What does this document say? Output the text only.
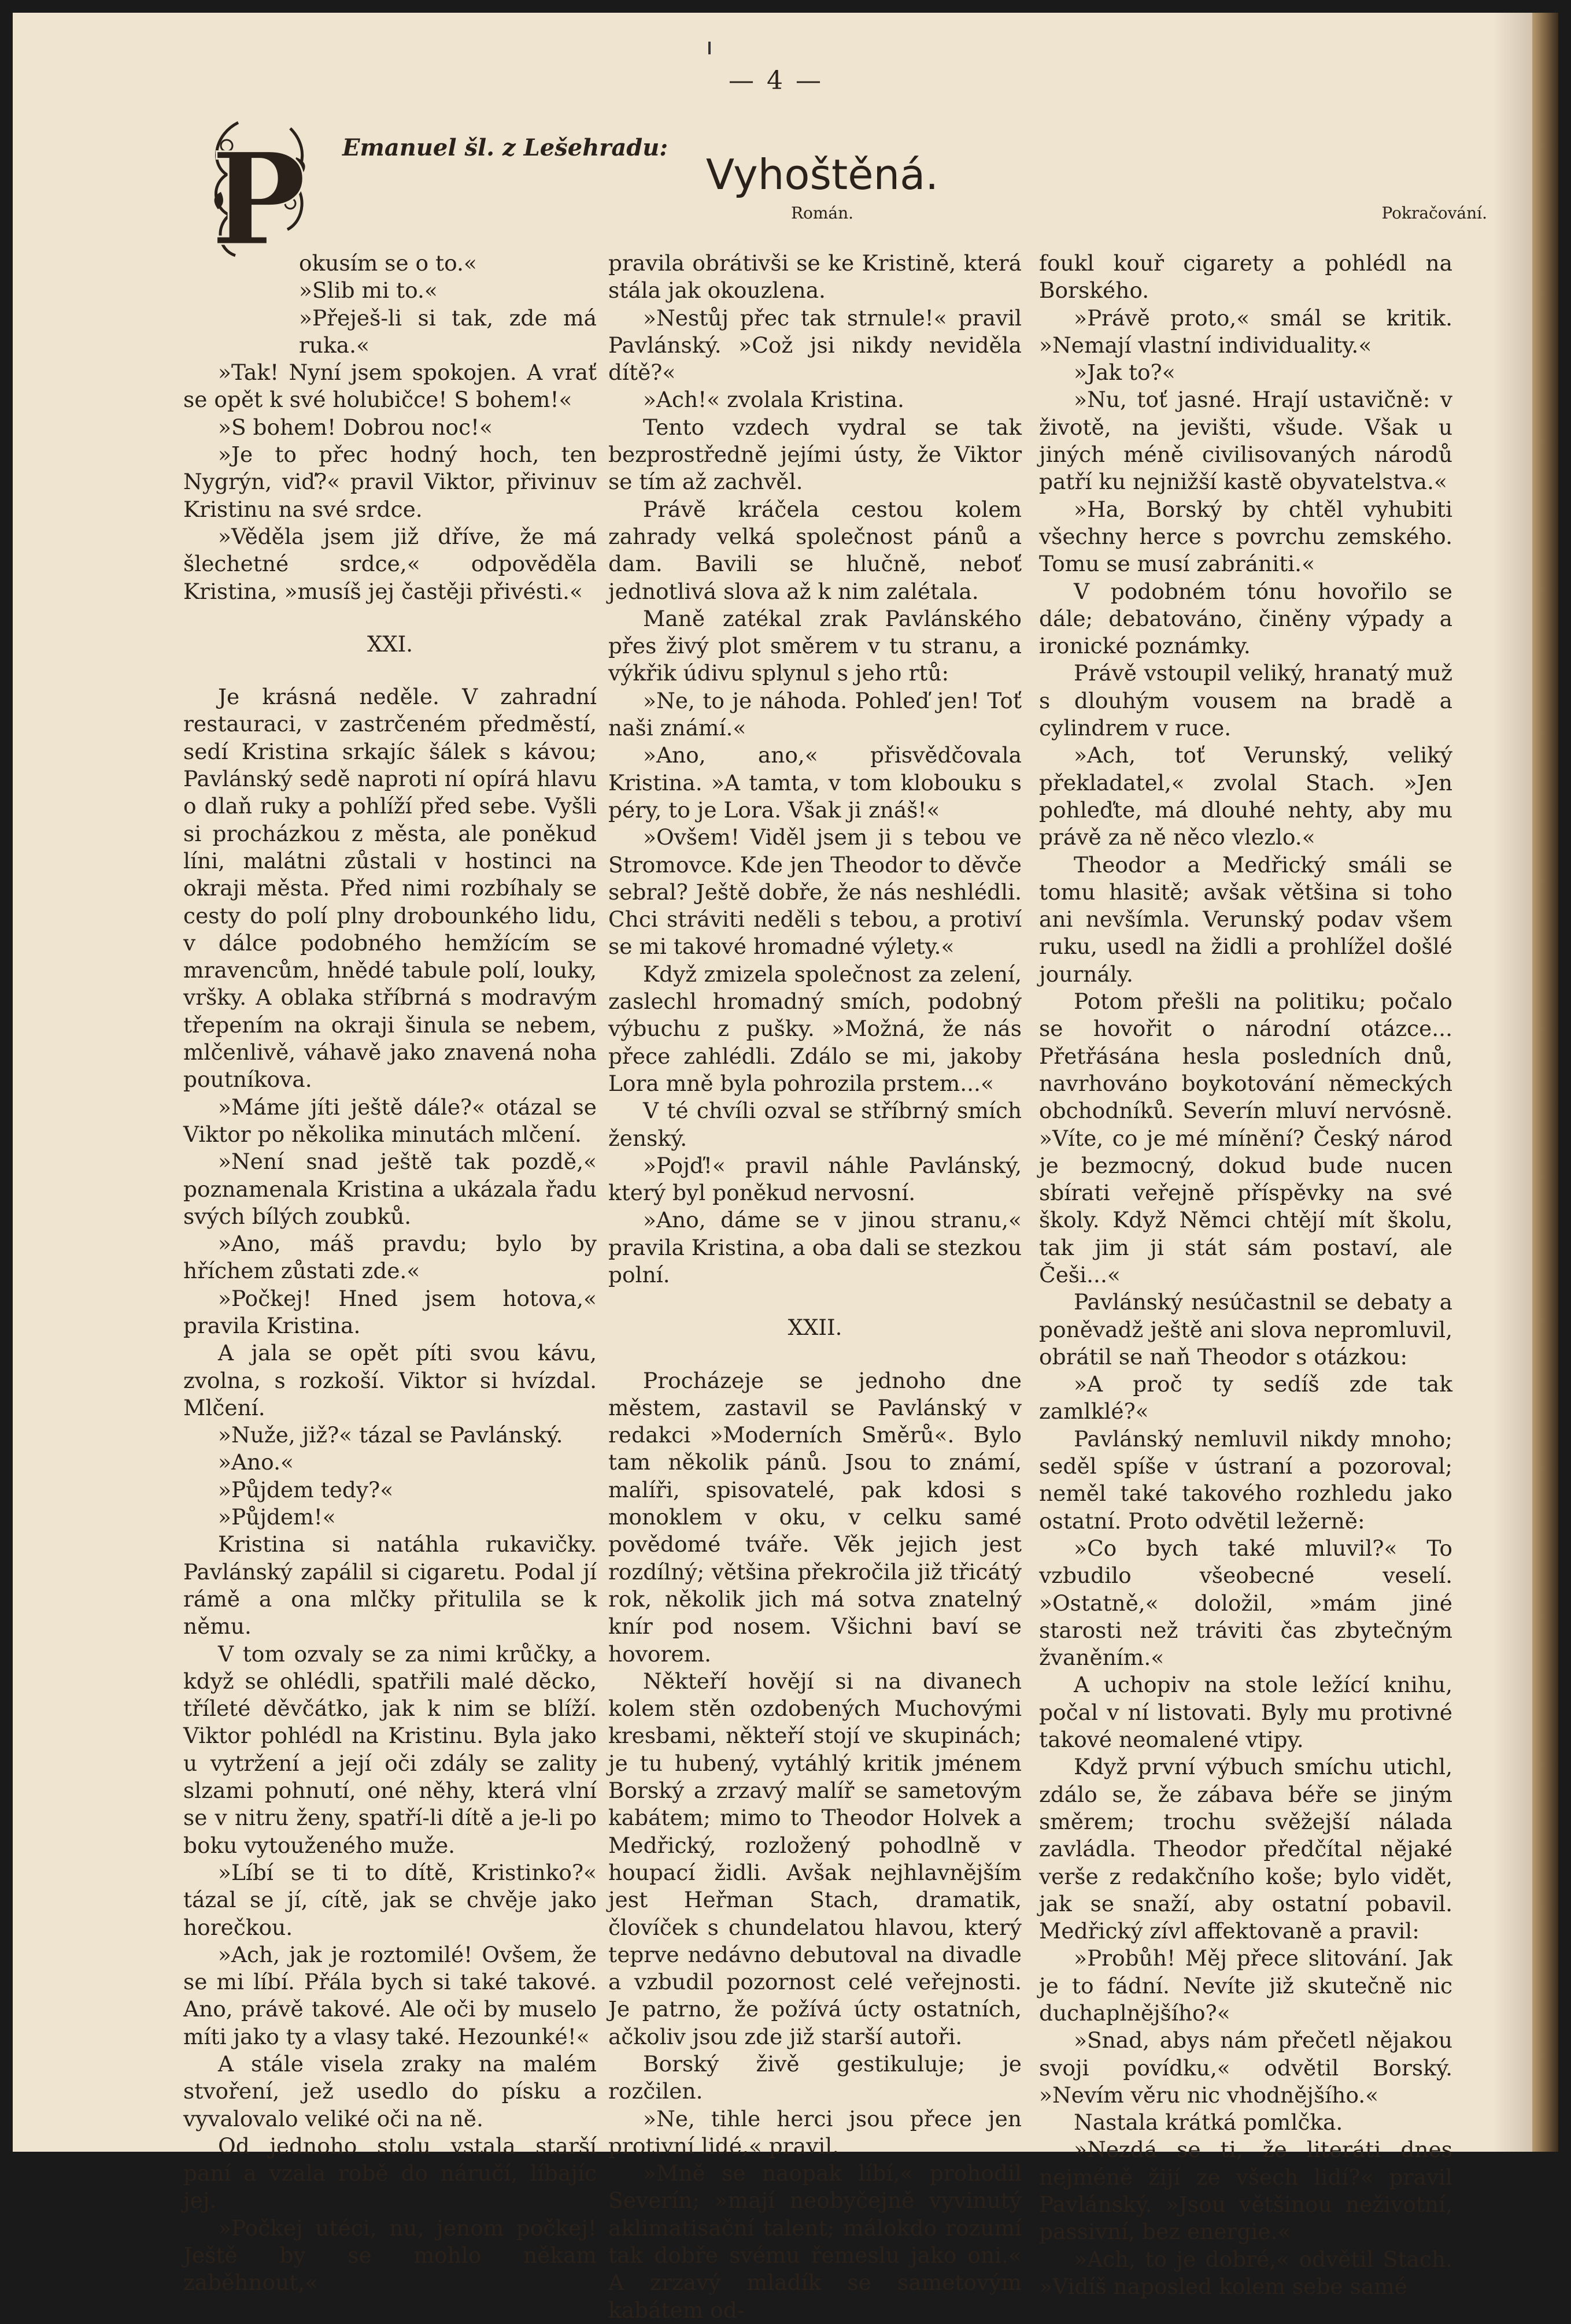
— 4 —
Emanuel šl. z Lešehradu:
Vyhoštěná.
Román.	Pokračování.
P

okusím se o to.«

»Slib mi to.«

»Přeješ-li si tak, zde má ruka.«

»Tak! Nyní jsem spokojen. A vrať se opět k své holubičce! S bohem!«

»S bohem! Dobrou noc!«

»Je to přec hodný hoch, ten Nygrýn, viď?« pravil Viktor, přivinuv Kristinu na své srdce.

»Věděla jsem již dříve, že má šlechetné srdce,« odpověděla Kristina, »musíš jej častěji přivésti.«

XXI.

Je krásná neděle. V zahradní restauraci, v zastrčeném předměstí, sedí Kristina srkajíc šálek s kávou; Pavlánský sedě naproti ní opírá hlavu o dlaň ruky a pohlíží před sebe. Vyšli si procházkou z města, ale poněkud líni, malátni zůstali v hostinci na okraji města. Před nimi rozbíhaly se cesty do polí plny drobounkého lidu, v dálce podobného hemžícím se mravencům, hnědé tabule polí, louky, vršky. A oblaka stříbrná s modravým třepením na okraji šinula se nebem, mlčenlivě, váhavě jako znavená noha poutníkova.

»Máme jíti ještě dále?« otázal se Viktor po několika minutách mlčení.

»Není snad ještě tak pozdě,« poznamenala Kristina a ukázala řadu svých bílých zoubků.

»Ano, máš pravdu; bylo by hříchem zůstati zde.«

»Počkej! Hned jsem hotova,« pravila Kristina.

A jala se opět píti svou kávu, zvolna, s rozkoší. Viktor si hvízdal. Mlčení.

»Nuže, již?« tázal se Pavlánský.

»Ano.«

»Půjdem tedy?«

»Půjdem!«

Kristina si natáhla rukavičky. Pavlánský zapálil si cigaretu. Podal jí rámě a ona mlčky přitulila se k němu.

V tom ozvaly se za nimi krůčky, a když se ohlédli, spatřili malé děcko, tříleté děvčátko, jak k nim se blíží. Viktor pohlédl na Kristinu. Byla jako u vytržení a její oči zdály se zality slzami pohnutí, oné něhy, která vlní se v nitru ženy, spatří-li dítě a je-li po boku vytouženého muže.

»Líbí se ti to dítě, Kristinko?« tázal se jí, cítě, jak se chvěje jako horečkou.

»Ach, jak je roztomilé! Ovšem, že se mi líbí. Přála bych si také takové. Ano, právě takové. Ale oči by muselo míti jako ty a vlasy také. Hezounké!«

A stále visela zraky na malém stvoření, jež usedlo do písku a vyvalovalo veliké oči na ně.

Od jednoho stolu vstala starší paní a vzala robě do náručí, líbajíc jej.

»Počkej utéci, nu, jenom počkej! Ještě by se mohlo někam zaběhnout,«

pravila obrátivši se ke Kristině, která stála jak okouzlena.

»Nestůj přec tak strnule!« pravil Pavlánský. »Což jsi nikdy neviděla dítě?«

»Ach!« zvolala Kristina.

Tento vzdech vydral se tak bezprostředně jejími ústy, že Viktor se tím až zachvěl.

Právě kráčela cestou kolem zahrady velká společnost pánů a dam. Bavili se hlučně, neboť jednotlivá slova až k nim zalétala.

Maně zatékal zrak Pavlánského přes živý plot směrem v tu stranu, a výkřik údivu splynul s jeho rtů:

»Ne, to je náhoda. Pohleď jen! Toť naši známí.«

»Ano, ano,« přisvědčovala Kristina. »A tamta, v tom klobouku s péry, to je Lora. Však ji znáš!«

»Ovšem! Viděl jsem ji s tebou ve Stromovce. Kde jen Theodor to děvče sebral? Ještě dobře, že nás neshlédli. Chci stráviti neděli s tebou, a protiví se mi takové hromadné výlety.«

Když zmizela společnost za zelení, zaslechl hromadný smích, podobný výbuchu z pušky. »Možná, že nás přece zahlédli. Zdálo se mi, jakoby Lora mně byla pohrozila prstem...«

V té chvíli ozval se stříbrný smích ženský.

»Pojď!« pravil náhle Pavlánský, který byl poněkud nervosní.

»Ano, dáme se v jinou stranu,« pravila Kristina, a oba dali se stezkou polní.

XXII.

Procházeje se jednoho dne městem, zastavil se Pavlánský v redakci »Moderních Směrů«. Bylo tam několik pánů. Jsou to známí, malíři, spisovatelé, pak kdosi s monoklem v oku, v celku samé povědomé tváře. Věk jejich jest rozdílný; většina překročila již třicátý rok, několik jich má sotva znatelný knír pod nosem. Všichni baví se hovorem.

Někteří hovějí si na divanech kolem stěn ozdobených Muchovými kresbami, někteří stojí ve skupinách; je tu hubený, vytáhlý kritik jménem Borský a zrzavý malíř se sametovým kabátem; mimo to Theodor Holvek a Medřický, rozložený pohodlně v houpací židli. Avšak nejhlavnějším jest Heřman Stach, dramatik, človíček s chundelatou hlavou, který teprve nedávno debutoval na divadle a vzbudil pozornost celé veřejnosti. Je patrno, že požívá úcty ostatních, ačkoliv jsou zde již starší autoři.

Borský živě gestikuluje; je rozčilen.

»Ne, tihle herci jsou přece jen protivní lidé,« pravil.

»Mně se naopak líbí,« prohodil Severín; »mají neobyčejně vyvinutý aklimatisační talent; málokdo rozumí tak dobře svému řemeslu jako oni.« A zrzavý mladík se sametovým kabátem od-

foukl kouř cigarety a pohlédl na Borského.

»Právě proto,« smál se kritik. »Nemají vlastní individuality.«

»Jak to?«

»Nu, toť jasné. Hrají ustavičně: v životě, na jevišti, všude. Však u jiných méně civilisovaných národů patří ku nejnižší kastě obyvatelstva.«

»Ha, Borský by chtěl vyhubiti všechny herce s povrchu zemského. Tomu se musí zabrániti.«

V podobném tónu hovořilo se dále; debatováno, činěny výpady a ironické poznámky.

Právě vstoupil veliký, hranatý muž s dlouhým vousem na bradě a cylindrem v ruce.

»Ach, toť Verunský, veliký překladatel,« zvolal Stach. »Jen pohleďte, má dlouhé nehty, aby mu právě za ně něco vlezlo.«

Theodor a Medřický smáli se tomu hlasitě; avšak většina si toho ani nevšímla. Verunský podav všem ruku, usedl na židli a prohlížel došlé journály.

Potom přešli na politiku; počalo se hovořit o národní otázce... Přetřásána hesla posledních dnů, navrhováno boykotování německých obchodníků. Severín mluví nervósně. »Víte, co je mé mínění? Český národ je bezmocný, dokud bude nucen sbírati veřejně příspěvky na své školy. Když Němci chtějí mít školu, tak jim ji stát sám postaví, ale Češi...«

Pavlánský nesúčastnil se debaty a poněvadž ještě ani slova nepromluvil, obrátil se naň Theodor s otázkou:

»A proč ty sedíš zde tak zamlklé?«

Pavlánský nemluvil nikdy mnoho; seděl spíše v ústraní a pozoroval; neměl také takového rozhledu jako ostatní. Proto odvětil ležerně:

»Co bych také mluvil?« To vzbudilo všeobecné veselí. »Ostatně,« doložil, »mám jiné starosti než tráviti čas zbytečným žvaněním.«

A uchopiv na stole ležící knihu, počal v ní listovati. Byly mu protivné takové neomalené vtipy.

Když první výbuch smíchu utichl, zdálo se, že zábava béře se jiným směrem; trochu svěžejší nálada zavládla. Theodor předčítal nějaké verše z redakčního koše; bylo vidět, jak se snaží, aby ostatní pobavil. Medřický zívl affektovaně a pravil:

»Probůh! Měj přece slitování. Jak je to fádní. Nevíte již skutečně nic duchaplnějšího?«

»Snad, abys nám přečetl nějakou svoji povídku,« odvětil Borský. »Nevím věru nic vhodnějšího.«

Nastala krátká pomlčka.

»Nezdá se ti, že literáti dnes nejméně žijí ze všech lidí?« pravil Pavlánský. »Jsou většinou neživotní, passivní, bez energie.«

»Ach, to je dobré,« odvětil Stach. »Vidíš naposled kolem sebe samé
